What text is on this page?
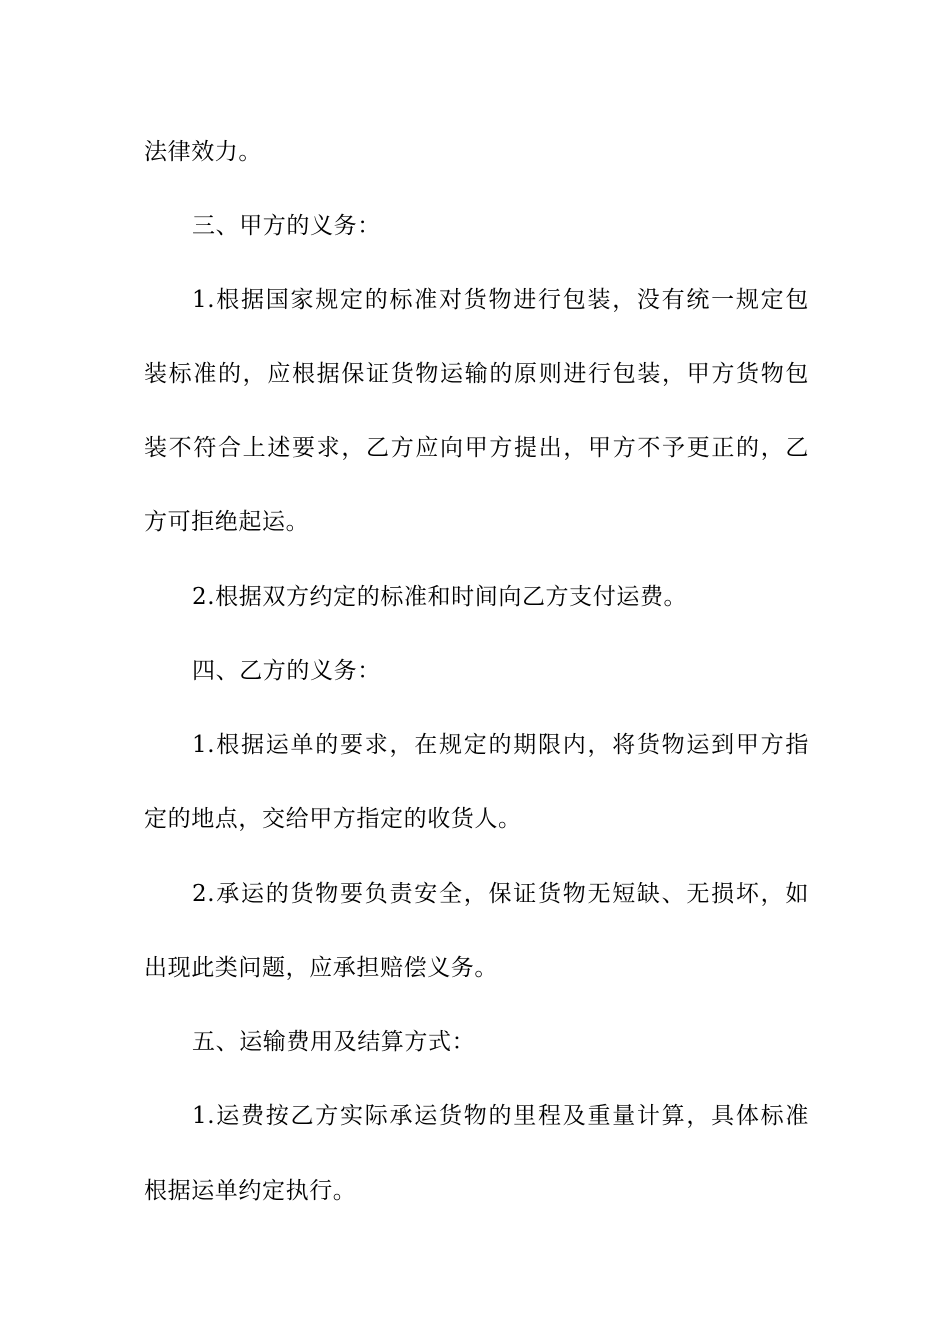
法律效力。
三、甲方的义务：
1.根据国家规定的标准对货物进行包装，没有统一规定包
装标准的，应根据保证货物运输的原则进行包装，甲方货物包
装不符合上述要求，乙方应向甲方提出，甲方不予更正的，乙
方可拒绝起运。
2.根据双方约定的标准和时间向乙方支付运费。
四、乙方的义务：
1.根据运单的要求，在规定的期限内，将货物运到甲方指
定的地点，交给甲方指定的收货人。
2.承运的货物要负责安全，保证货物无短缺、无损坏，如
出现此类问题，应承担赔偿义务。
五、运输费用及结算方式：
1.运费按乙方实际承运货物的里程及重量计算，具体标准
根据运单约定执行。
